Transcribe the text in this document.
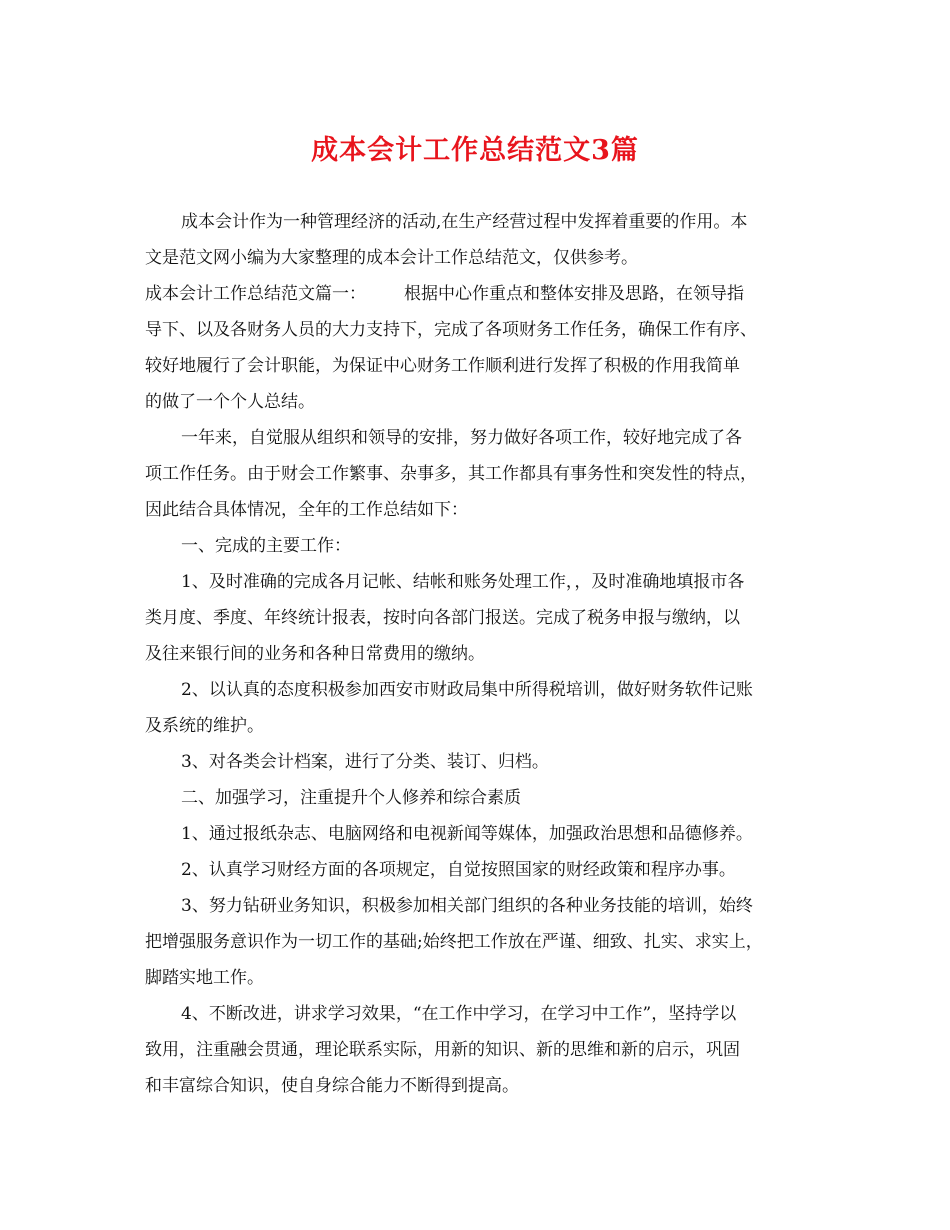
成本会计工作总结范文3篇
成本会计作为一种管理经济的活动,在生产经营过程中发挥着重要的作用。本
文是范文网小编为大家整理的成本会计工作总结范文，仅供参考。
成本会计工作总结范文篇一： 根据中心作重点和整体安排及思路，在领导指
导下、以及各财务人员的大力支持下，完成了各项财务工作任务，确保工作有序、
较好地履行了会计职能，为保证中心财务工作顺利进行发挥了积极的作用我简单
的做了一个个人总结。
一年来，自觉服从组织和领导的安排，努力做好各项工作，较好地完成了各
项工作任务。由于财会工作繁事、杂事多，其工作都具有事务性和突发性的特点，
因此结合具体情况，全年的工作总结如下：
一、完成的主要工作：
1、及时准确的完成各月记帐、结帐和账务处理工作，，及时准确地填报市各
类月度、季度、年终统计报表，按时向各部门报送。完成了税务申报与缴纳，以
及往来银行间的业务和各种日常费用的缴纳。
2、以认真的态度积极参加西安市财政局集中所得税培训，做好财务软件记账
及系统的维护。
3、对各类会计档案，进行了分类、装订、归档。
二、加强学习，注重提升个人修养和综合素质
1、通过报纸杂志、电脑网络和电视新闻等媒体，加强政治思想和品德修养。
2、认真学习财经方面的各项规定，自觉按照国家的财经政策和程序办事。
3、努力钻研业务知识，积极参加相关部门组织的各种业务技能的培训，始终
把增强服务意识作为一切工作的基础;始终把工作放在严谨、细致、扎实、求实上，
脚踏实地工作。
4、不断改进，讲求学习效果，“在工作中学习，在学习中工作”，坚持学以
致用，注重融会贯通，理论联系实际，用新的知识、新的思维和新的启示，巩固
和丰富综合知识，使自身综合能力不断得到提高。
